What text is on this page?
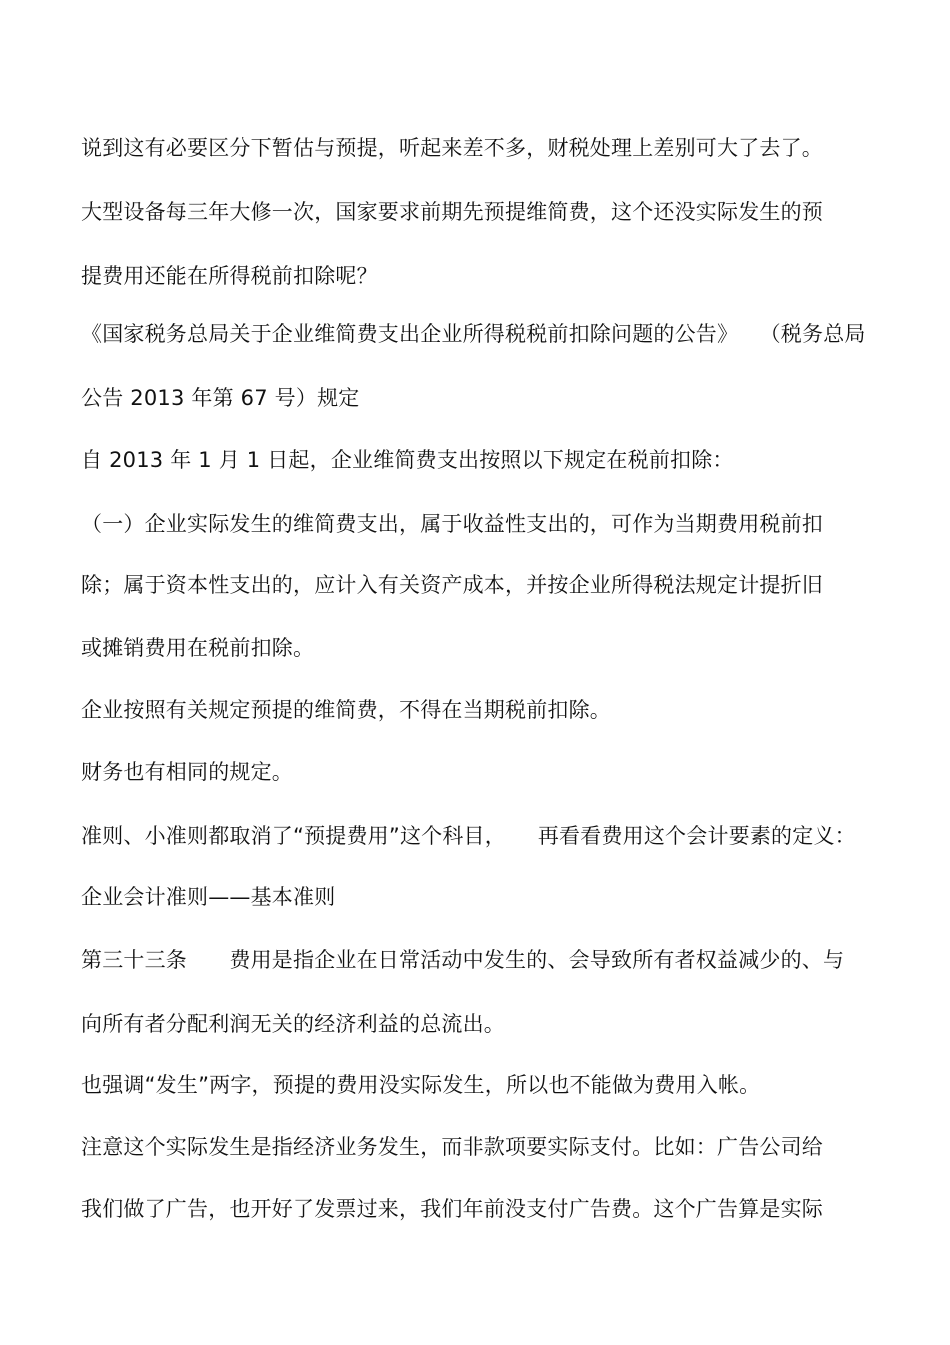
说到这有必要区分下暂估与预提，听起来差不多，财税处理上差别可大了去了。
大型设备每三年大修一次，国家要求前期先预提维简费，这个还没实际发生的预
提费用还能在所得税前扣除呢？
《国家税务总局关于企业维简费支出企业所得税税前扣除问题的公告》　　（税务总局
公告 2013 年第 67 号）规定
自 2013 年 1 月 1 日起，企业维简费支出按照以下规定在税前扣除：
（一）企业实际发生的维简费支出，属于收益性支出的，可作为当期费用税前扣
除；属于资本性支出的，应计入有关资产成本，并按企业所得税法规定计提折旧
或摊销费用在税前扣除。
企业按照有关规定预提的维简费，不得在当期税前扣除。
财务也有相同的规定。
准则、小准则都取消了“预提费用”这个科目，　　再看看费用这个会计要素的定义：
企业会计准则——基本准则
第三十三条　　费用是指企业在日常活动中发生的、会导致所有者权益减少的、与
向所有者分配利润无关的经济利益的总流出。
也强调“发生”两字，预提的费用没实际发生，所以也不能做为费用入帐。
注意这个实际发生是指经济业务发生，而非款项要实际支付。比如：广告公司给
我们做了广告，也开好了发票过来，我们年前没支付广告费。这个广告算是实际
